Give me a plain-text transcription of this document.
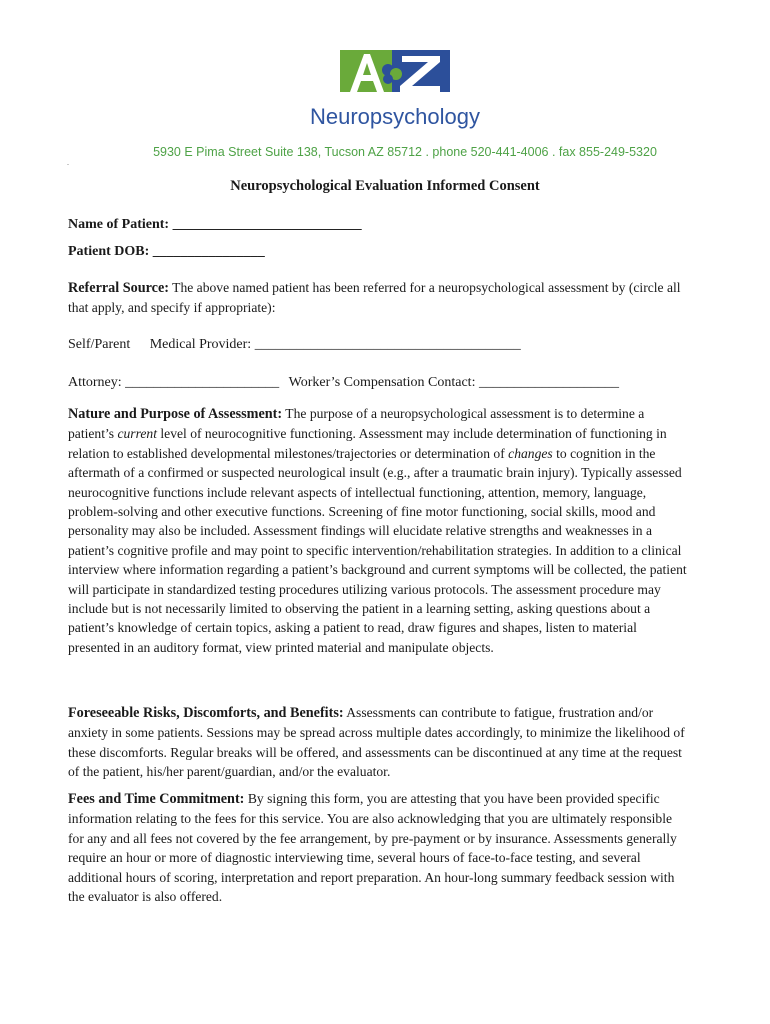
Neuropsychology
5930 E Pima Street Suite 138, Tucson AZ 85712 . phone 520-441-4006 . fax 855-249-5320
.
Neuropsychological Evaluation Informed Consent
Name of Patient: ___________________________
Patient DOB: ________________

Referral Source: The above named patient has been referred for a neuropsychological assessment by (circle all that apply, and specify if appropriate):

Self/Parent Medical Provider: ______________________________________
Attorney: ______________________ Worker’s Compensation Contact: ____________________

Nature and Purpose of Assessment: The purpose of a neuropsychological assessment is to determine a patient’s current level of neurocognitive functioning. Assessment may include determination of functioning in relation to established developmental milestones/trajectories or determination of changes to cognition in the aftermath of a confirmed or suspected neurological insult (e.g., after a traumatic brain injury). Typically assessed neurocognitive functions include relevant aspects of intellectual functioning, attention, memory, language, problem-solving and other executive functions. Screening of fine motor functioning, social skills, mood and personality may also be included. Assessment findings will elucidate relative strengths and weaknesses in a patient’s cognitive profile and may point to specific intervention/rehabilitation strategies. In addition to a clinical interview where information regarding a patient’s background and current symptoms will be collected, the patient will participate in standardized testing procedures utilizing various protocols. The assessment procedure may include but is not necessarily limited to observing the patient in a learning setting, asking questions about a patient’s knowledge of certain topics, asking a patient to read, draw figures and shapes, listen to material presented in an auditory format, view printed material and manipulate objects.

Foreseeable Risks, Discomforts, and Benefits: Assessments can contribute to fatigue, frustration and/or anxiety in some patients. Sessions may be spread across multiple dates accordingly, to minimize the likelihood of these discomforts. Regular breaks will be offered, and assessments can be discontinued at any time at the request of the patient, his/her parent/guardian, and/or the evaluator.

Fees and Time Commitment: By signing this form, you are attesting that you have been provided specific information relating to the fees for this service. You are also acknowledging that you are ultimately responsible for any and all fees not covered by the fee arrangement, by pre-payment or by insurance. Assessments generally require an hour or more of diagnostic interviewing time, several hours of face-to-face testing, and several additional hours of scoring, interpretation and report preparation. An hour-long summary feedback session with the evaluator is also offered.
